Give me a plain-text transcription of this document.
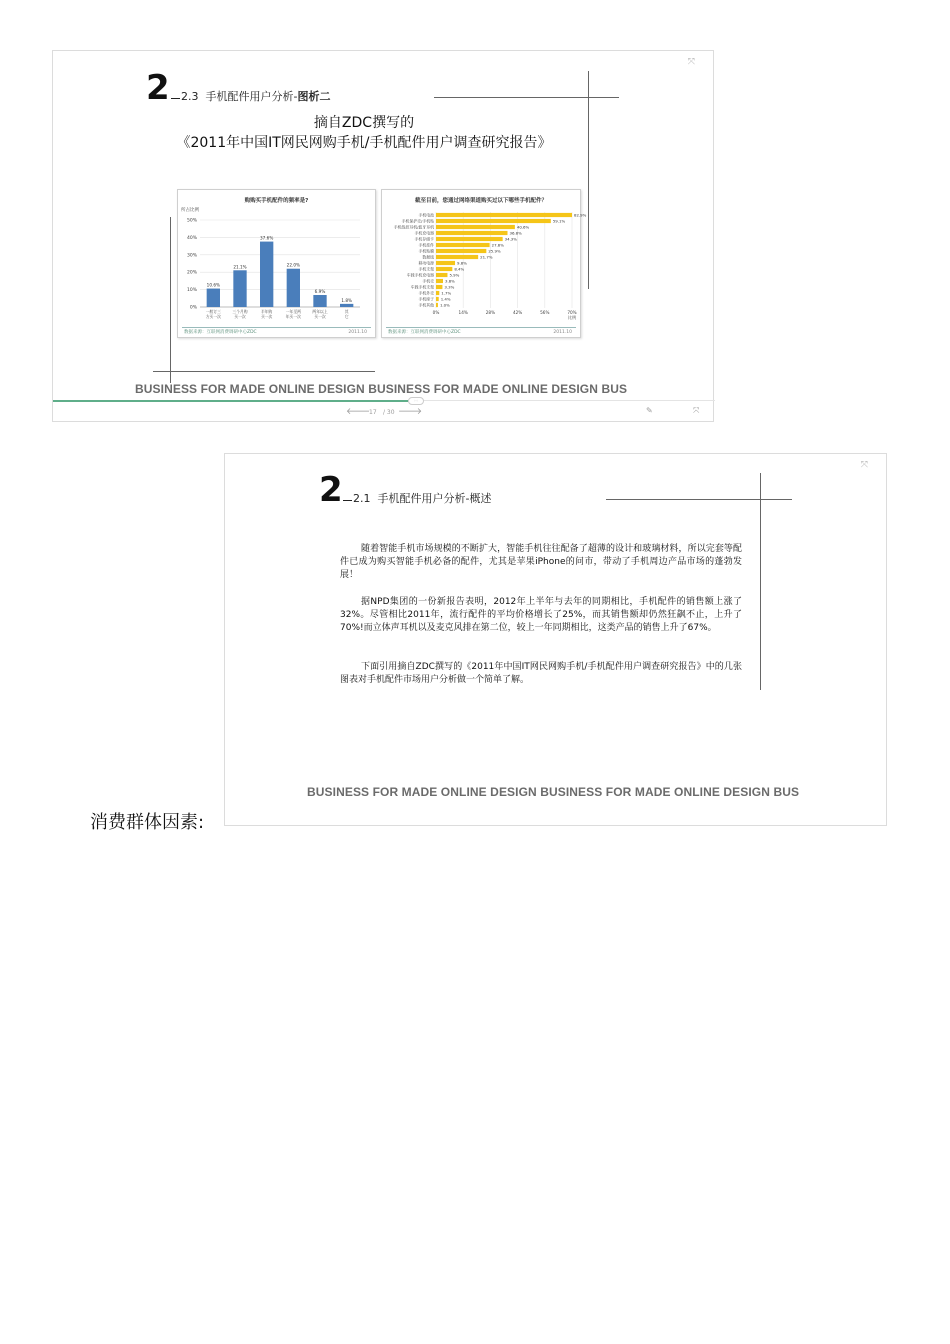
⤧
2	2.3 手机配件用户分析-图析二
摘自ZDC撰写的
《2011年中国IT网民网购手机/手机配件用户调查研究报告》
购购买手机配件的频率是?
所占比例
0%
10%
20%
30%
40%
50%
10.6%
一般订三
方买一次
21.1%
三个月购
买一次
37.6%
半年购
买一次
22.0%
一年至两
年买一次
6.9%
两年以上
买一次
1.8%
其
它
数据来源：互联网消费调研中心ZDC	2011.10
截至目前，您通过网络渠道购买过以下哪些手机配件？
0%	14%	28%	42%	56%	70%
比例
手机电池	82.9%
手机保护壳/手机贴	59.1%
手机线控耳机/蓝牙耳机	40.6%
手机充电器	36.8%
手机存储卡	34.3%
手机挂件	27.6%
手机贴膜	25.9%
数据线	21.7%
移动电源	9.8%
手机支架	8.4%
车载手机充电器	5.9%
手机壳	3.6%
车载手机支架	3.3%
手机外壳 1.7%
手机座子 1.4%
手机其他 1.0%
数据来源：互联网消费调研中心ZDC	2011.10
BUSINESS FOR MADE ONLINE DESIGN BUSINESS FOR MADE ONLINE DESIGN BUS
◦◦
🡐
17 / 30 🡒	✎	⤧
⤧
2 2.1 手机配件用户分析-概述
随着智能手机市场规模的不断扩大，智能手机往往配备了超薄的设计和玻璃材料，所以完套等配件已成为购买智能手机必备的配件，尤其是苹果iPhone的问市，带动了手机周边产品市场的蓬勃发展！
据NPD集团的一份新报告表明，2012年上半年与去年的同期相比，手机配件的销售额上涨了32%。尽管相比2011年，流行配件的平均价格增长了25%，而其销售额却仍然狂飙不止，上升了70%!而立体声耳机以及麦克风排在第二位，较上一年同期相比，这类产品的销售上升了67%。
下面引用摘自ZDC撰写的《2011年中国IT网民网购手机/手机配件用户调查研究报告》中的几张图表对手机配件市场用户分析做一个简单了解。
BUSINESS FOR MADE ONLINE DESIGN BUSINESS FOR MADE ONLINE DESIGN BUS
消费群体因素:
